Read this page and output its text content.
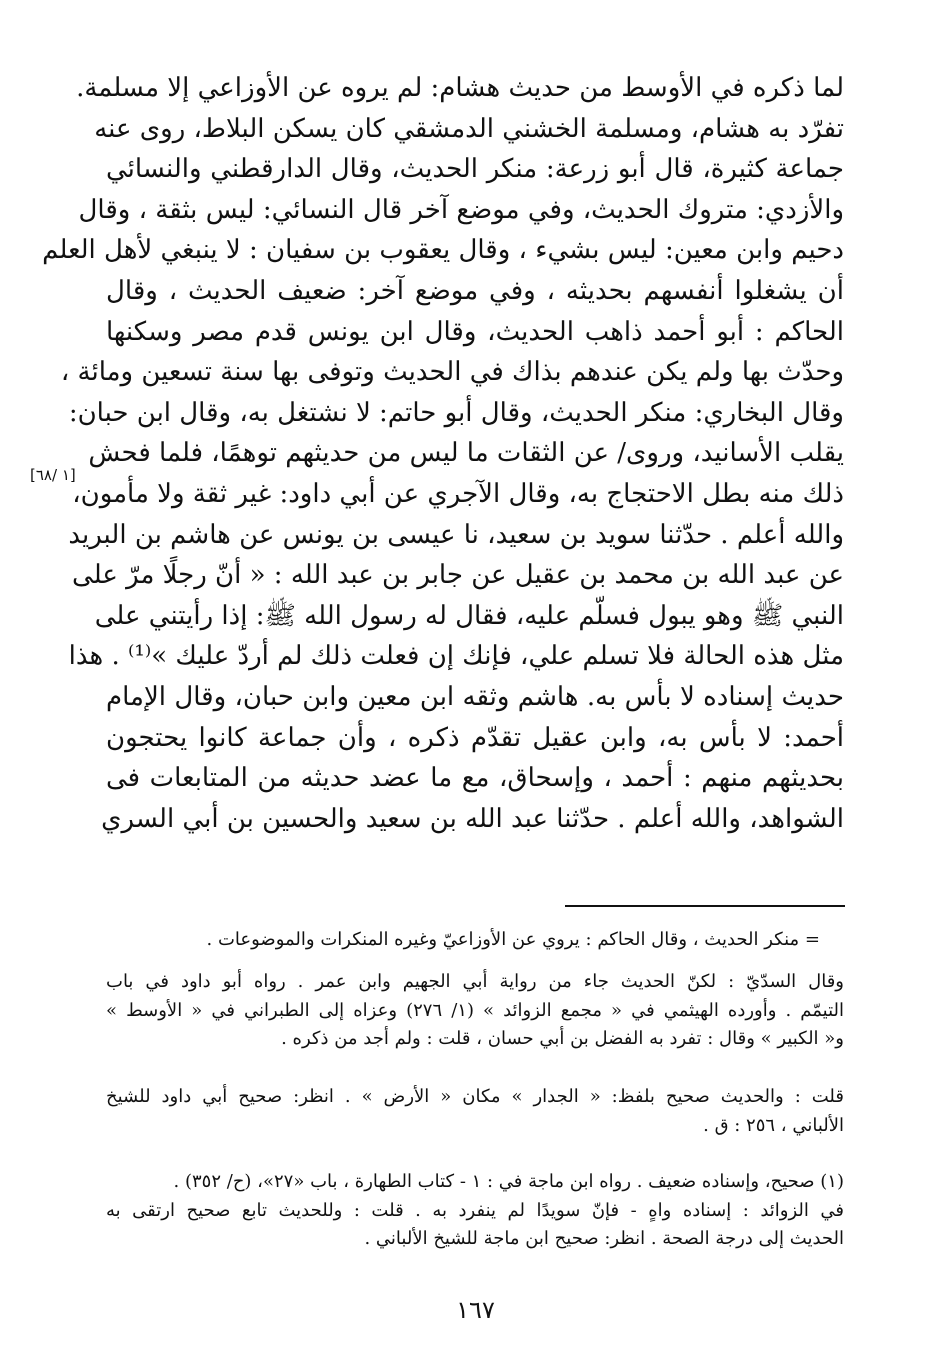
لما ذكره في الأوسط من حديث هشام: لم يروه عن الأوزاعي إلا مسلمة.
تفرّد به هشام، ومسلمة الخشني الدمشقي كان يسكن البلاط، روى عنه
جماعة كثيرة، قال أبو زرعة: منكر الحديث، وقال الدارقطني والنسائي
والأزدي: متروك الحديث، وفي موضع آخر قال النسائي: ليس بثقة ، وقال
دحيم وابن معين: ليس بشيء ، وقال يعقوب بن سفيان : لا ينبغي لأهل العلم
أن يشغلوا أنفسهم بحديثه ، وفي موضع آخر: ضعيف الحديث ، وقال
الحاكم : أبو أحمد ذاهب الحديث، وقال ابن يونس قدم مصر وسكنها
وحدّث بها ولم يكن عندهم بذاك في الحديث وتوفى بها سنة تسعين ومائة ،
وقال البخاري: منكر الحديث، وقال أبو حاتم: لا نشتغل به، وقال ابن حبان:
يقلب الأسانيد، وروى/ عن الثقات ما ليس من حديثهم توهمًا، فلما فحش
ذلك منه بطل الاحتجاج به، وقال الآجري عن أبي داود: غير ثقة ولا مأمون،
والله أعلم . حدّثنا سويد بن سعيد، نا عيسى بن يونس عن هاشم بن البريد
عن عبد الله بن محمد بن عقيل عن جابر بن عبد الله : « أنّ رجلًا مرّ على
النبي ﷺ وهو يبول فسلّم عليه، فقال له رسول الله ﷺ: إذا رأيتني على
مثل هذه الحالة فلا تسلم علي، فإنك إن فعلت ذلك لم أردّ عليك »⁽¹⁾ . هذا
حديث إسناده لا بأس به. هاشم وثقه ابن معين وابن حبان، وقال الإمام
أحمد: لا بأس به، وابن عقيل تقدّم ذكره ، وأن جماعة كانوا يحتجون
بحديثهم منهم : أحمد ، وإسحاق، مع ما عضد حديثه من المتابعات فى
الشواهد، والله أعلم . حدّثنا عبد الله بن سعيد والحسين بن أبي السري
[١ /٦٨]
= منكر الحديث ، وقال الحاكم : يروي عن الأوزاعيّ وغيره المنكرات والموضوعات .
وقال السدّيّ : لكنّ الحديث جاء من رواية أبي الجهيم وابن عمر . رواه أبو داود في باب
التيمّم . وأورده الهيثمي في « مجمع الزوائد » (١/ ٢٧٦) وعزاه إلى الطبراني في « الأوسط »
و« الكبير » وقال : تفرد به الفضل بن أبي حسان ، قلت : ولم أجد من ذكره .
قلت : والحديث صحيح بلفظ: « الجدار » مكان « الأرض » . انظر: صحيح أبي داود للشيخ
الألباني ، ٢٥٦ : ق .
(١) صحيح، وإسناده ضعيف . رواه ابن ماجة في : ١ - كتاب الطهارة ، باب «٢٧»، (ح/ ٣٥٢) .
في الزوائد : إسناده واهٍ - فإنّ سويدًا لم ينفرد به . قلت : وللحديث تابع صحيح ارتقى به
الحديث إلى درجة الصحة . انظر: صحيح ابن ماجة للشيخ الألباني .
١٦٧
